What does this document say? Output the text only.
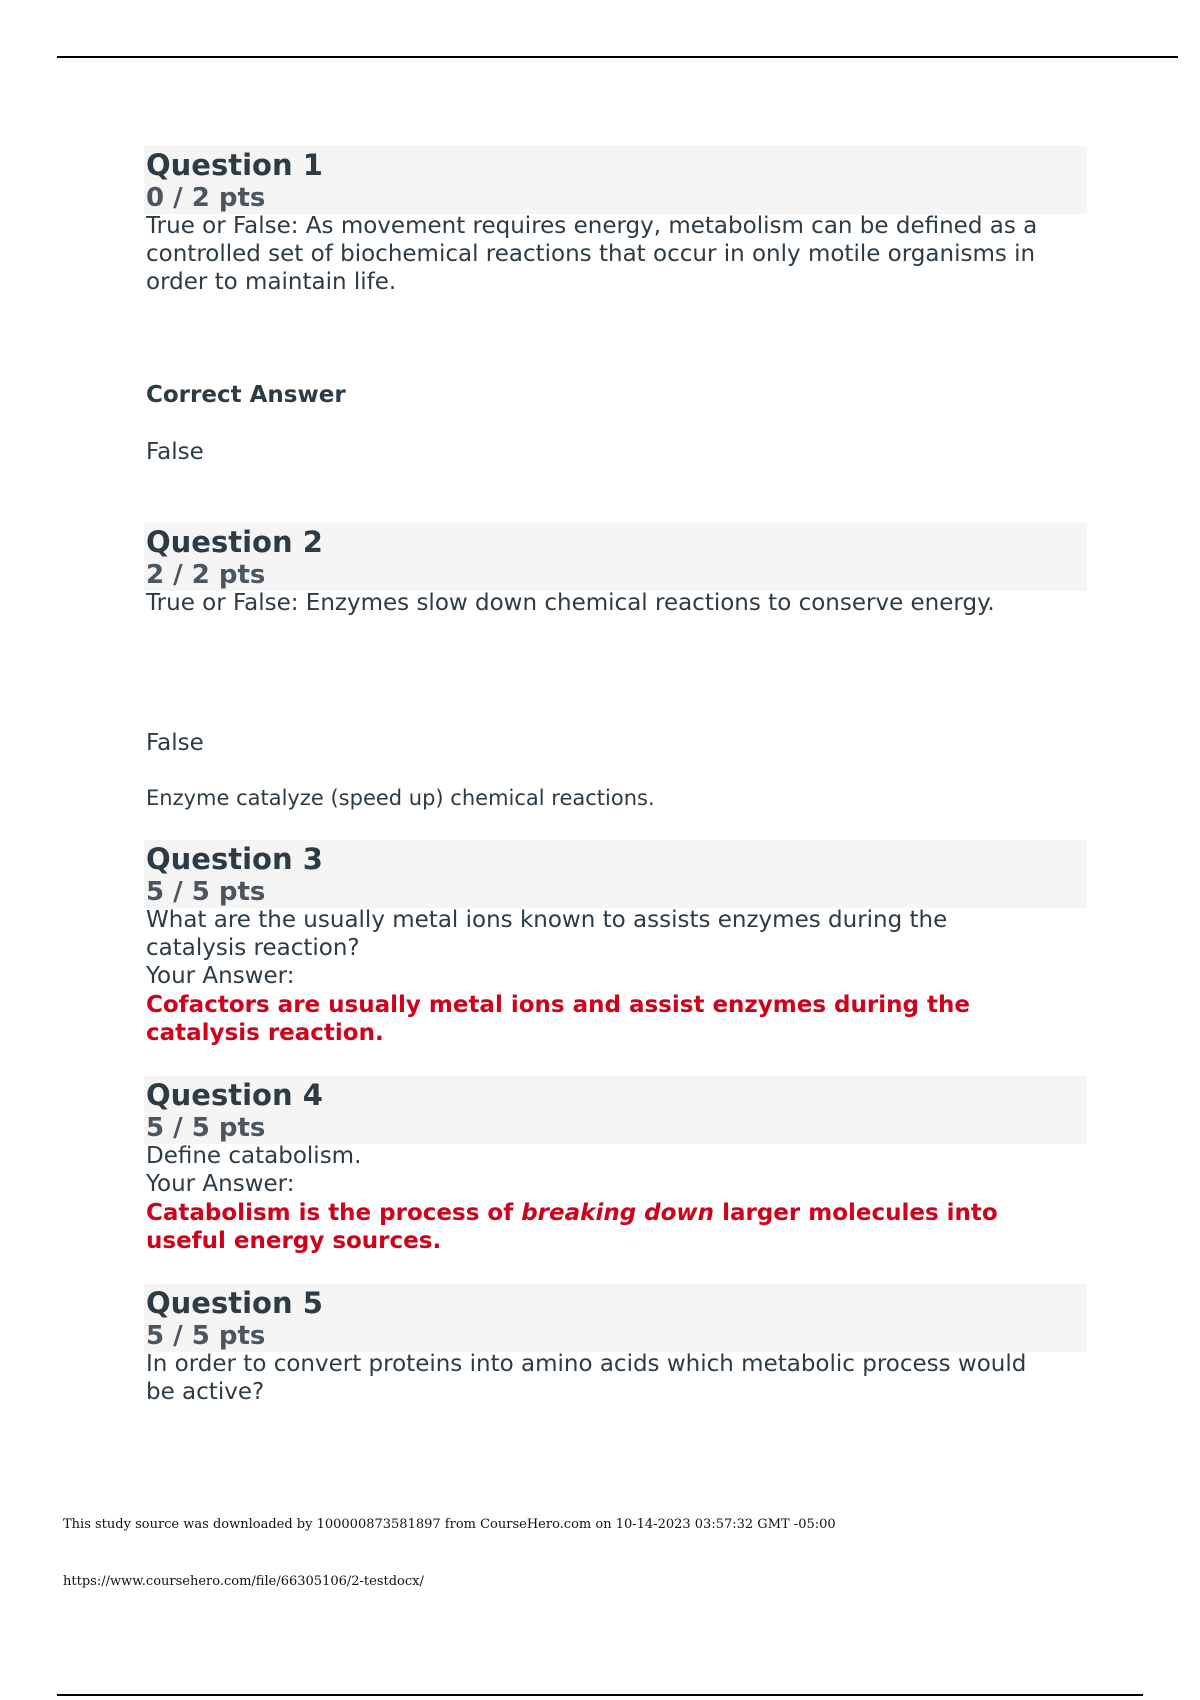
Question 1
0 / 2 pts
True or False: As movement requires energy, metabolism can be defined as a
controlled set of biochemical reactions that occur in only motile organisms in
order to maintain life.
Correct Answer
False
Question 2
2 / 2 pts
True or False: Enzymes slow down chemical reactions to conserve energy.
False
Enzyme catalyze (speed up) chemical reactions.
Question 3
5 / 5 pts
What are the usually metal ions known to assists enzymes during the
catalysis reaction?
Your Answer:
Cofactors are usually metal ions and assist enzymes during the
catalysis reaction.
Question 4
5 / 5 pts
Define catabolism.
Your Answer:
Catabolism is the process of breaking down larger molecules into
useful energy sources.
Question 5
5 / 5 pts
In order to convert proteins into amino acids which metabolic process would
be active?
This study source was downloaded by 100000873581897 from CourseHero.com on 10-14-2023 03:57:32 GMT -05:00
https://www.coursehero.com/file/66305106/2-testdocx/
